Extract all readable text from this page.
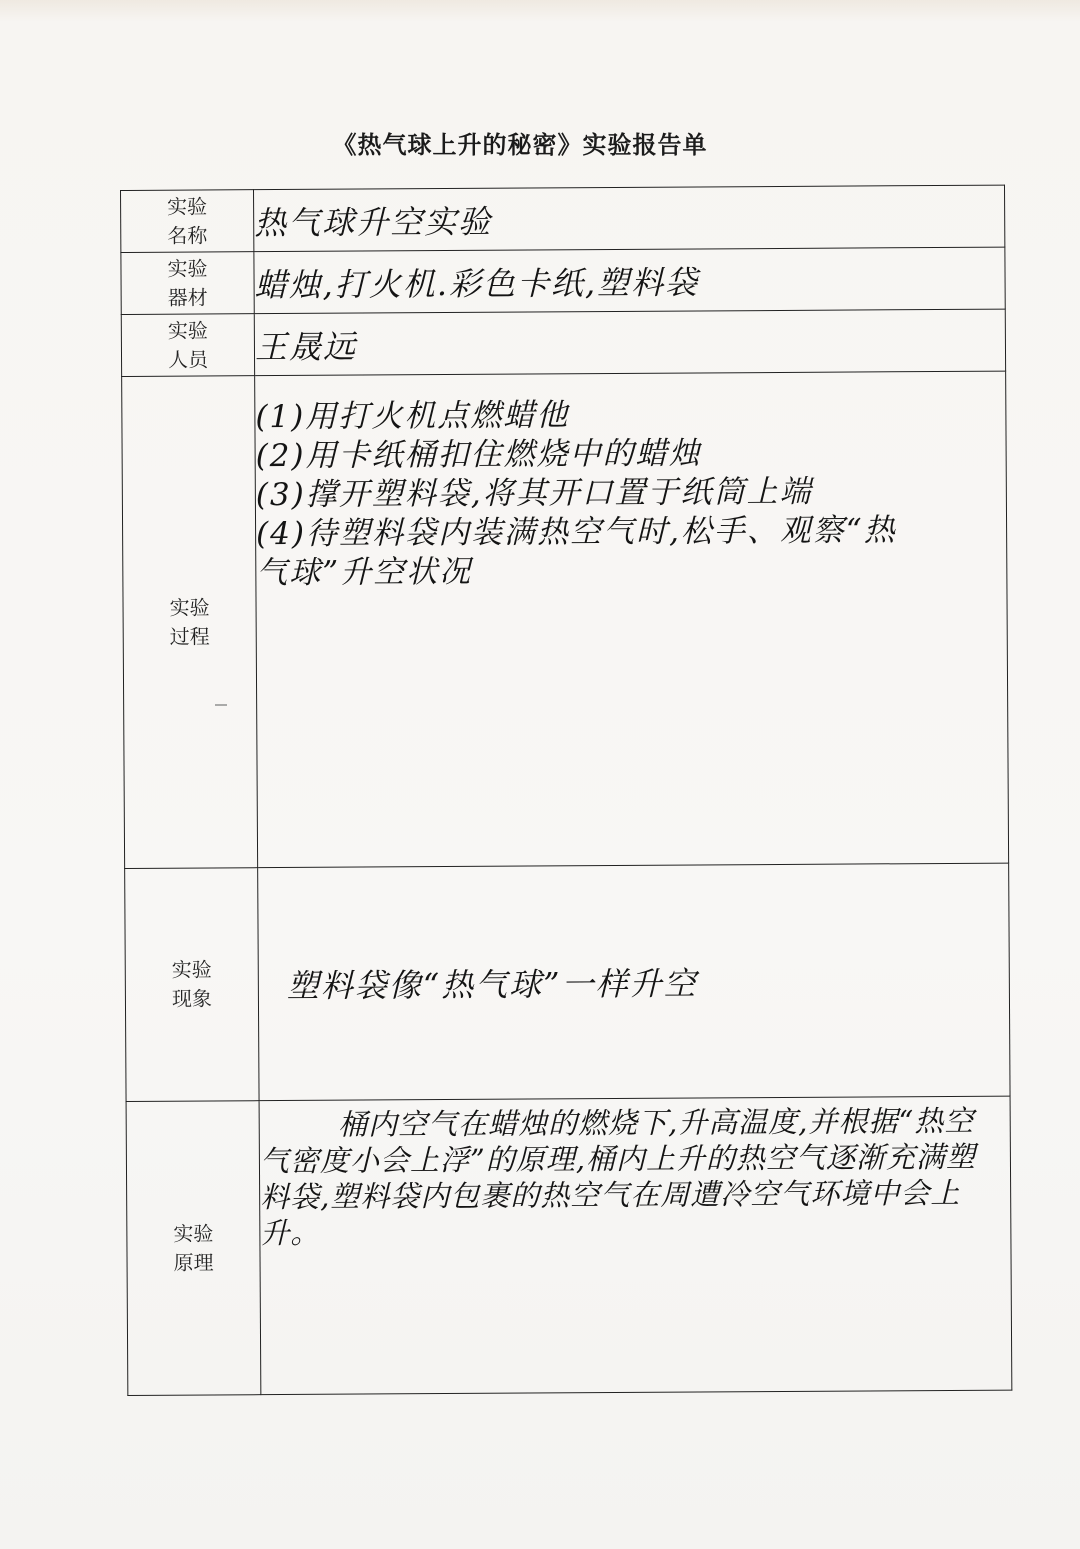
《热气球上升的秘密》实验报告单
实验
名称	热气球升空实验
实验
器材	蜡烛,打火机.彩色卡纸,塑料袋
实验
人员	王晟远
实验
过程	(1)用打火机点燃蜡他
(2)用卡纸桶扣住燃烧中的蜡烛
(3)撑开塑料袋,将其开口置于纸筒上端
(4)待塑料袋内装满热空气时,松手、观察“热
气球”升空状况

实验
现象	塑料袋像“热气球”一样升空

实验
原理	桶内空气在蜡烛的燃烧下,升高温度,并根据“热空气密度小会上浮”的原理,桶内上升的热空气逐渐充满塑料袋,塑料袋内包裹的热空气在周遭冷空气环境中会上升。
